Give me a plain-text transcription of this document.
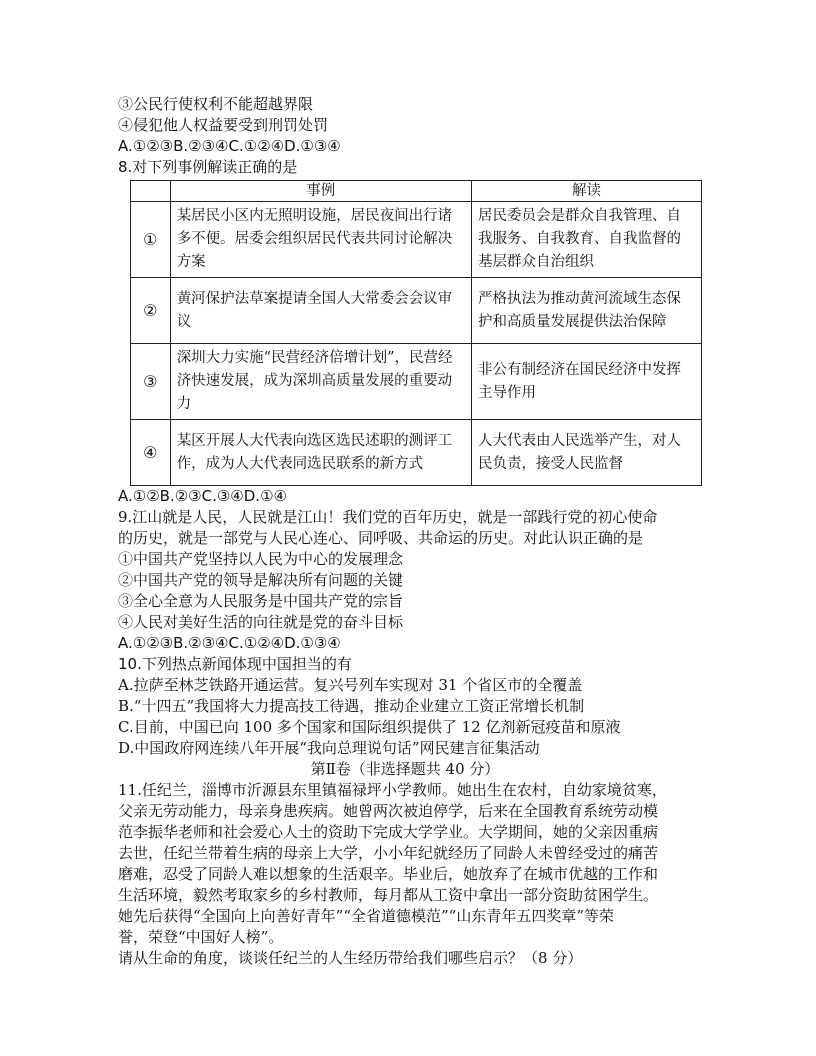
③公民行使权利不能超越界限
④侵犯他人权益要受到刑罚处罚
A.①②③B.②③④C.①②④D.①③④
8.对下列事例解读正确的是
	事例	解读
①	某居民小区内无照明设施，居民夜间出行诸多不便。居委会组织居民代表共同讨论解决方案	居民委员会是群众自我管理、自我服务、自我教育、自我监督的基层群众自治组织
②	黄河保护法草案提请全国人大常委会会议审议	严格执法为推动黄河流域生态保护和高质量发展提供法治保障
③	深圳大力实施“民营经济倍增计划”，民营经济快速发展，成为深圳高质量发展的重要动力	非公有制经济在国民经济中发挥主导作用
④	某区开展人大代表向选区选民述职的测评工作，成为人大代表同选民联系的新方式	人大代表由人民选举产生，对人民负责，接受人民监督
A.①②B.②③C.③④D.①④
9.江山就是人民，人民就是江山！我们党的百年历史，就是一部践行党的初心使命
的历史，就是一部党与人民心连心、同呼吸、共命运的历史。对此认识正确的是
①中国共产党坚持以人民为中心的发展理念
②中国共产党的领导是解决所有问题的关键
③全心全意为人民服务是中国共产党的宗旨
④人民对美好生活的向往就是党的奋斗目标
A.①②③B.②③④C.①②④D.①③④
10.下列热点新闻体现中国担当的有
A.拉萨至林芝铁路开通运营。复兴号列车实现对 31 个省区市的全覆盖
B.“十四五”我国将大力提高技工待遇，推动企业建立工资正常增长机制
C.目前，中国已向 100 多个国家和国际组织提供了 12 亿剂新冠疫苗和原液
D.中国政府网连续八年开展“我向总理说句话”网民建言征集活动
第Ⅱ卷（非选择题共 40 分）
11.任纪兰，淄博市沂源县东里镇福禄坪小学教师。她出生在农村，自幼家境贫寒，
父亲无劳动能力，母亲身患疾病。她曾两次被迫停学，后来在全国教育系统劳动模
范李振华老师和社会爱心人士的资助下完成大学学业。大学期间，她的父亲因重病
去世，任纪兰带着生病的母亲上大学，小小年纪就经历了同龄人未曾经受过的痛苦
磨难，忍受了同龄人难以想象的生活艰辛。毕业后，她放弃了在城市优越的工作和
生活环境，毅然考取家乡的乡村教师，每月都从工资中拿出一部分资助贫困学生。
她先后获得“全国向上向善好青年”“全省道德模范”“山东青年五四奖章”等荣
誉，荣登“中国好人榜”。
请从生命的角度，谈谈任纪兰的人生经历带给我们哪些启示？（8 分）
